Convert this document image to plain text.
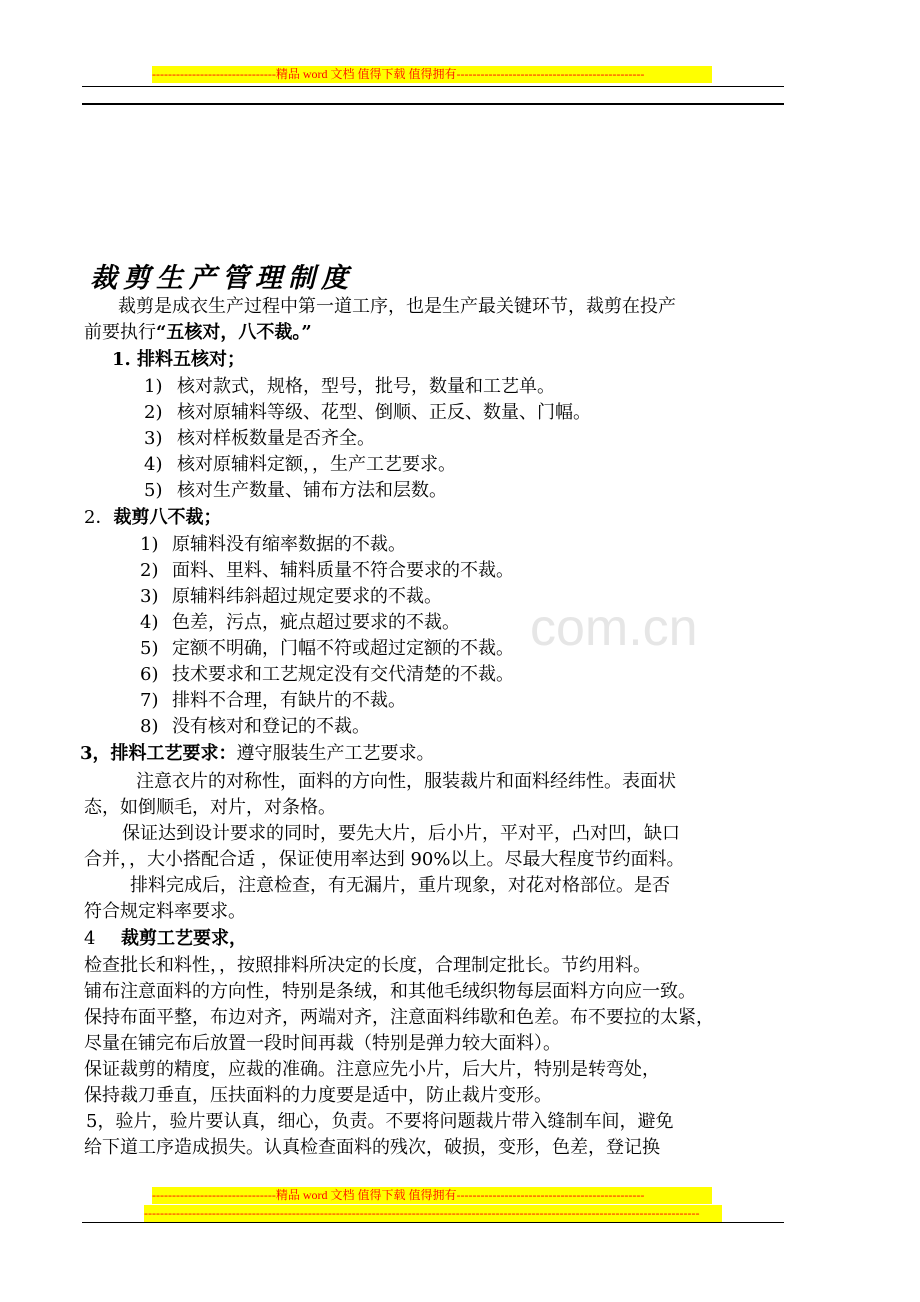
-------------------------------精品 word 文档 值得下载 值得拥有-----------------------------------------------
com.cn
裁剪生产管理制度
裁剪是成衣生产过程中第一道工序，也是生产最关键环节，裁剪在投产
前要执行“五核对，八不裁。”
1. 排料五核对；
1) 核对款式，规格，型号，批号，数量和工艺单。
2) 核对原辅料等级、花型、倒顺、正反、数量、门幅。
3) 核对样板数量是否齐全。
4) 核对原辅料定额，，生产工艺要求。
5) 核对生产数量、铺布方法和层数。
2．裁剪八不裁；
1) 原辅料没有缩率数据的不裁。
2) 面料、里料、辅料质量不符合要求的不裁。
3) 原辅料纬斜超过规定要求的不裁。
4) 色差，污点，疵点超过要求的不裁。
5) 定额不明确，门幅不符或超过定额的不裁。
6) 技术要求和工艺规定没有交代清楚的不裁。
7) 排料不合理，有缺片的不裁。
8) 没有核对和登记的不裁。
3，排料工艺要求：遵守服装生产工艺要求。
注意衣片的对称性，面料的方向性，服装裁片和面料经纬性。表面状
态，如倒顺毛，对片，对条格。
保证达到设计要求的同时，要先大片，后小片，平对平，凸对凹，缺口
合并，，大小搭配合适 ，保证使用率达到 90%以上。尽最大程度节约面料。
排料完成后，注意检查，有无漏片，重片现象，对花对格部位。是否
符合规定料率要求。
4 裁剪工艺要求，
检查批长和料性，，按照排料所决定的长度，合理制定批长。节约用料。
铺布注意面料的方向性，特别是条绒，和其他毛绒织物每层面料方向应一致。
保持布面平整，布边对齐，两端对齐，注意面料纬歇和色差。布不要拉的太紧，
尽量在铺完布后放置一段时间再裁（特别是弹力较大面料）。
保证裁剪的精度，应裁的准确。注意应先小片，后大片，特别是转弯处，
保持裁刀垂直，压扶面料的力度要是适中，防止裁片变形。
5，验片，验片要认真，细心，负责。不要将问题裁片带入缝制车间，避免
给下道工序造成损失。认真检查面料的残次，破损，变形，色差，登记换
-------------------------------精品 word 文档 值得下载 值得拥有-----------------------------------------------
-------------------------------------------------------------------------------------------------------------------------------------------
